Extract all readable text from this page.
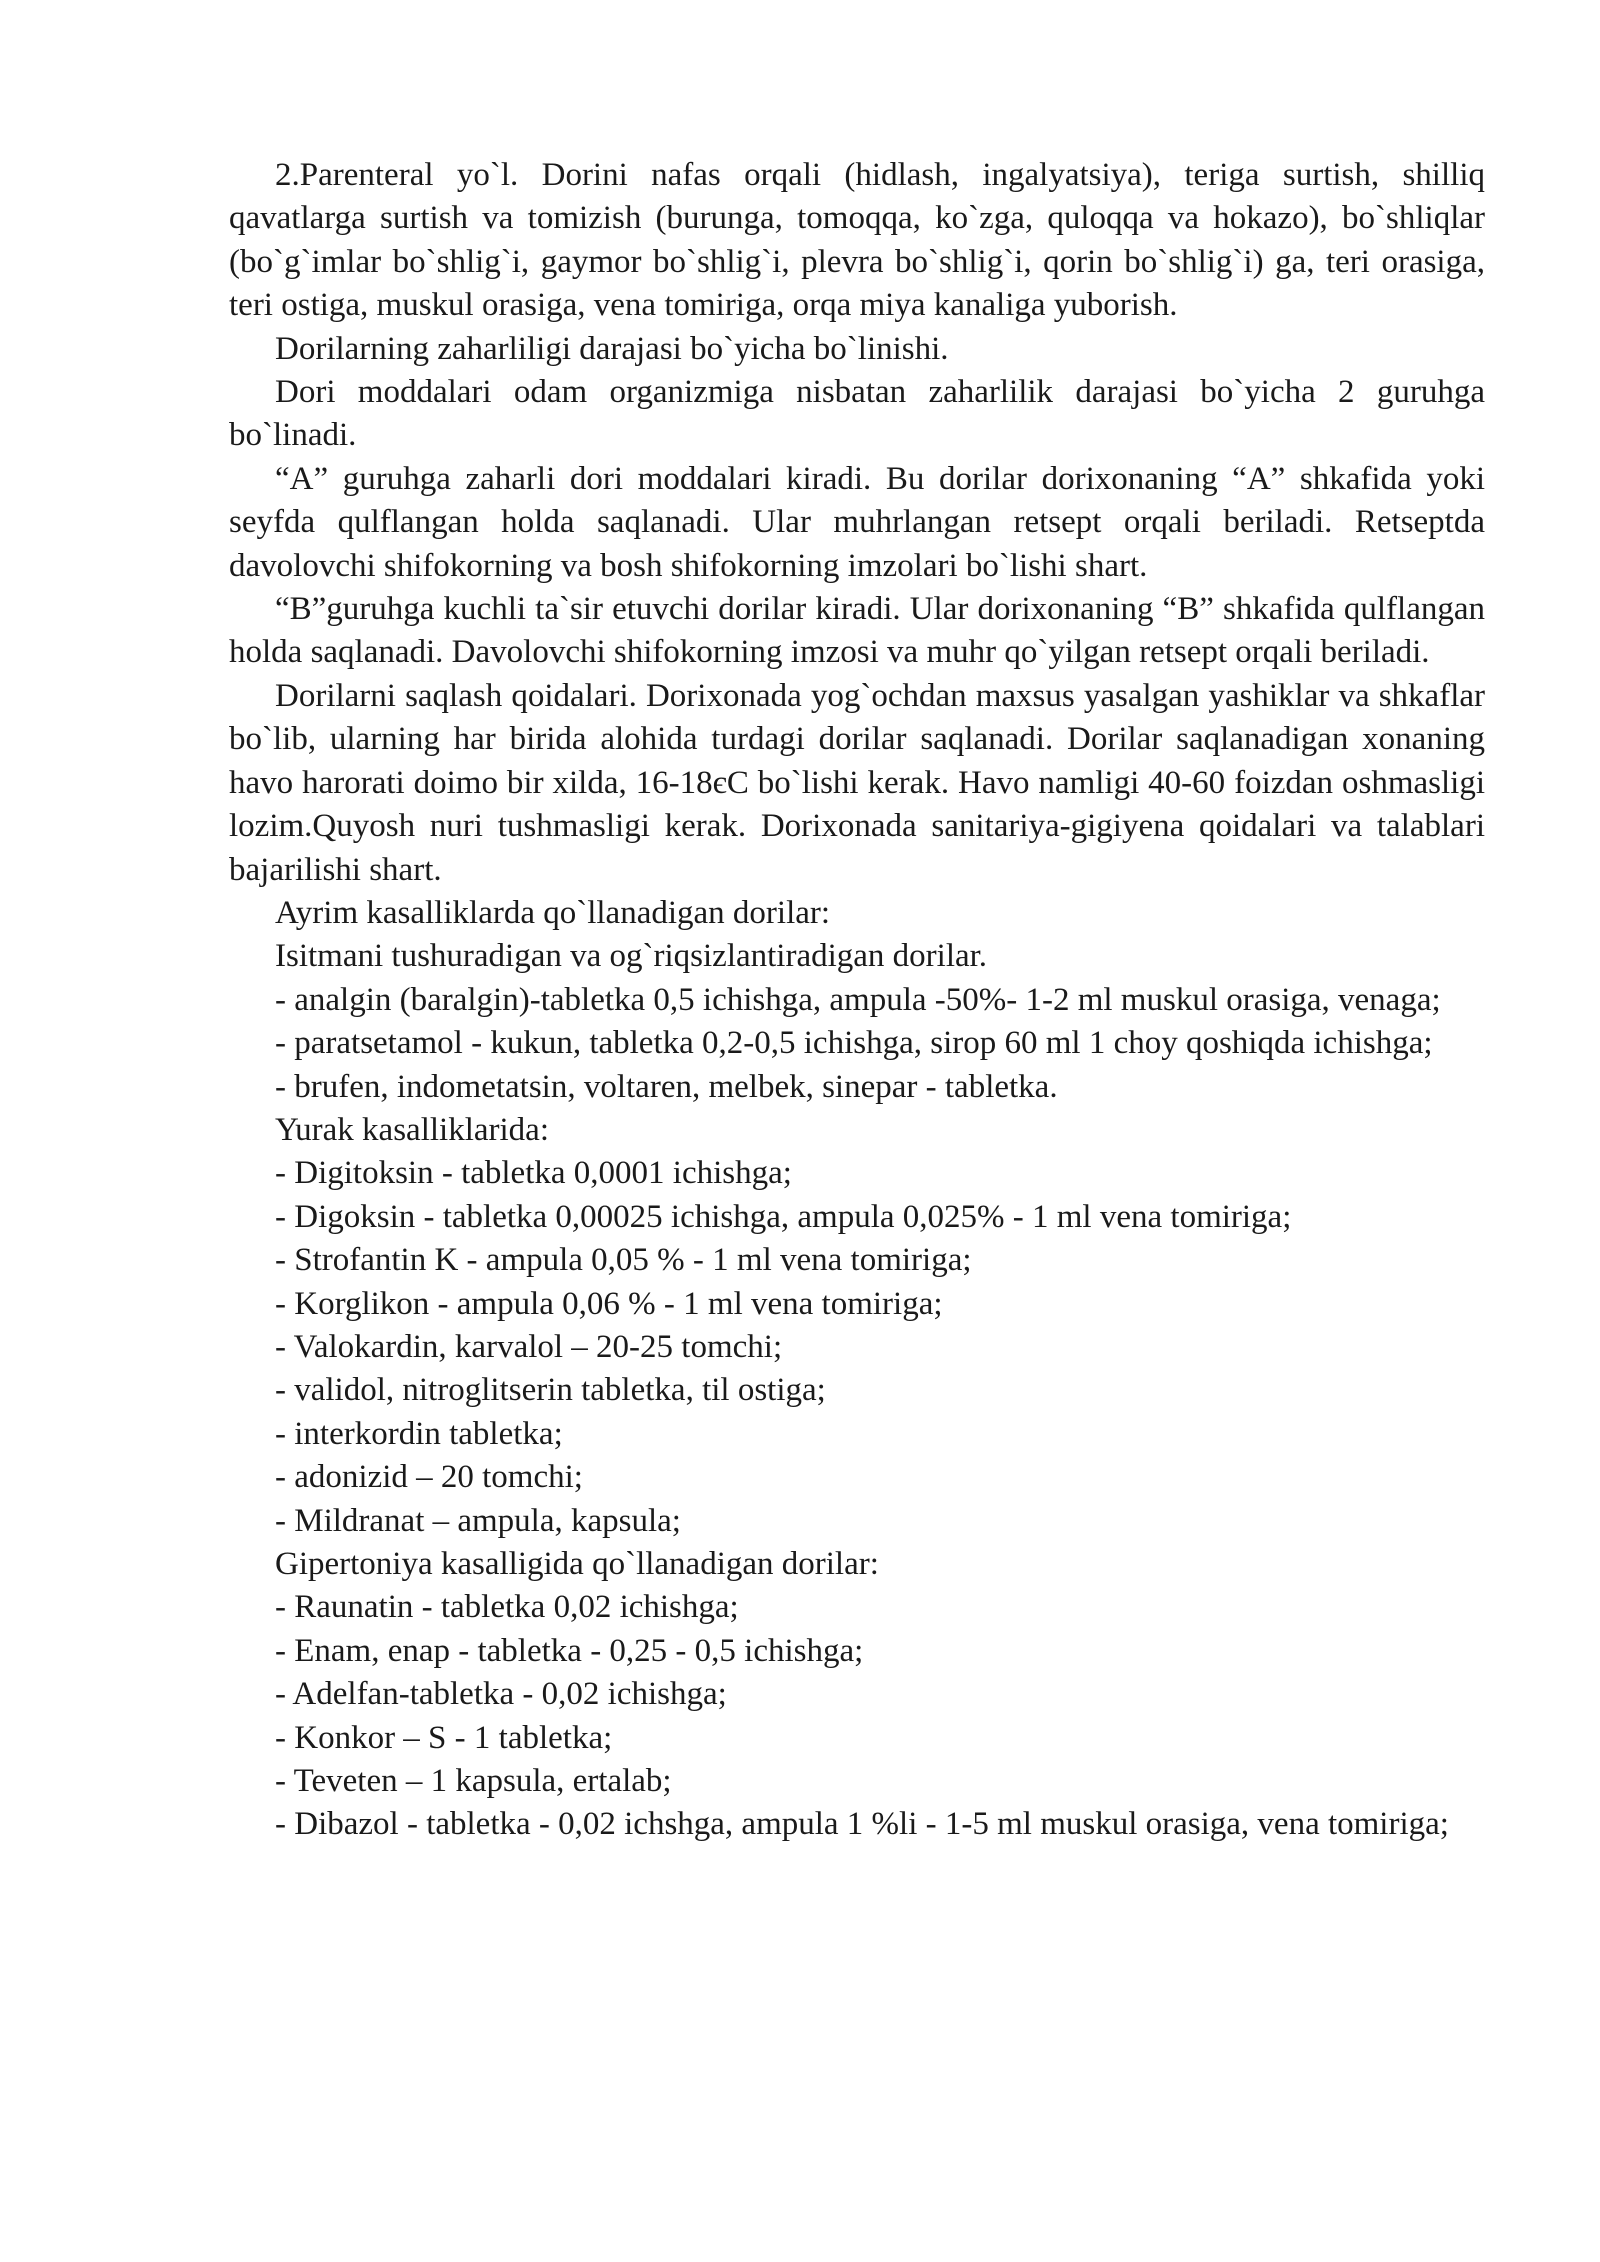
2.Parenteral yo`l. Dorini nafas orqali (hidlash, ingalyatsiya), teriga surtish, shilliq qavatlarga surtish va tomizish (burunga, tomoqqa, ko`zga, quloqqa va hokazo), bo`shliqlar (bo`g`imlar bo`shlig`i, gaymor bo`shlig`i, plevra bo`shlig`i, qorin bo`shlig`i) ga, teri orasiga, teri ostiga, muskul orasiga, vena tomiriga, orqa miya kanaliga yuborish.

Dorilarning zaharliligi darajasi bo`yicha bo`linishi.

Dori moddalari odam organizmiga nisbatan zaharlilik darajasi bo`yicha 2 guruhga bo`linadi.

“A” guruhga zaharli dori moddalari kiradi. Bu dorilar dorixonaning “A” shkafida yoki seyfda qulflangan holda saqlanadi. Ular muhrlangan retsept orqali beriladi. Retseptda davolovchi shifokorning va bosh shifokorning imzolari bo`lishi shart.

“B”guruhga kuchli ta`sir etuvchi dorilar kiradi. Ular dorixonaning “B” shkafida qulflangan holda saqlanadi. Davolovchi shifokorning imzosi va muhr qo`yilgan retsept orqali beriladi.

Dorilarni saqlash qoidalari. Dorixonada yog`ochdan maxsus yasalgan yashiklar va shkaflar bo`lib, ularning har birida alohida turdagi dorilar saqlanadi. Dorilar saqlanadigan xonaning havo harorati doimo bir xilda, 16-18єC bo`lishi kerak. Havo namligi 40-60 foizdan oshmasligi lozim.Quyosh nuri tushmasligi kerak. Dorixonada sanitariya-gigiyena qoidalari va talablari bajarilishi shart.

Ayrim kasalliklarda qo`llanadigan dorilar:

Isitmani tushuradigan va og`riqsizlantiradigan dorilar.

- analgin (baralgin)-tabletka 0,5 ichishga, ampula -50%- 1-2 ml muskul orasiga, venaga;

- paratsetamol - kukun, tabletka 0,2-0,5 ichishga, sirop 60 ml 1 choy qoshiqda ichishga;

- brufen, indometatsin, voltaren, melbek, sinepar - tabletka.

Yurak kasalliklarida:

- Digitoksin - tabletka 0,0001 ichishga;

- Digoksin - tabletka 0,00025 ichishga, ampula 0,025% - 1 ml vena tomiriga;

- Strofantin K - ampula 0,05 % - 1 ml vena tomiriga;

- Korglikon - ampula 0,06 % - 1 ml vena tomiriga;

- Valokardin, karvalol – 20-25 tomchi;

- validol, nitroglitserin tabletka, til ostiga;

- interkordin tabletka;

- adonizid – 20 tomchi;

- Mildranat – ampula, kapsula;

Gipertoniya kasalligida qo`llanadigan dorilar:

- Raunatin - tabletka 0,02 ichishga;

- Enam, enap - tabletka - 0,25 - 0,5 ichishga;

- Adelfan-tabletka - 0,02 ichishga;

- Konkor – S - 1 tabletka;

- Teveten – 1 kapsula, ertalab;

- Dibazol - tabletka - 0,02 ichshga, ampula 1 %li - 1-5 ml muskul orasiga, vena tomiriga;
